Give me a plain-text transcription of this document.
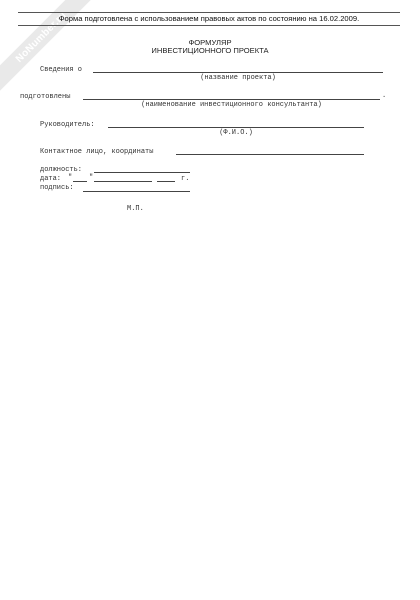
NoNumber.ru
Форма подготовлена с использованием правовых актов по состоянию на 16.02.2009.
ФОРМУЛЯР
ИНВЕСТИЦИОННОГО ПРОЕКТА
Сведения о
(название проекта)
подготовлены	.
(наименование инвестиционного консультанта)
Руководитель:
(Ф.И.О.)
Контактное лицо, координаты
должность:
дата: " "	г.
подпись:
М.П.
